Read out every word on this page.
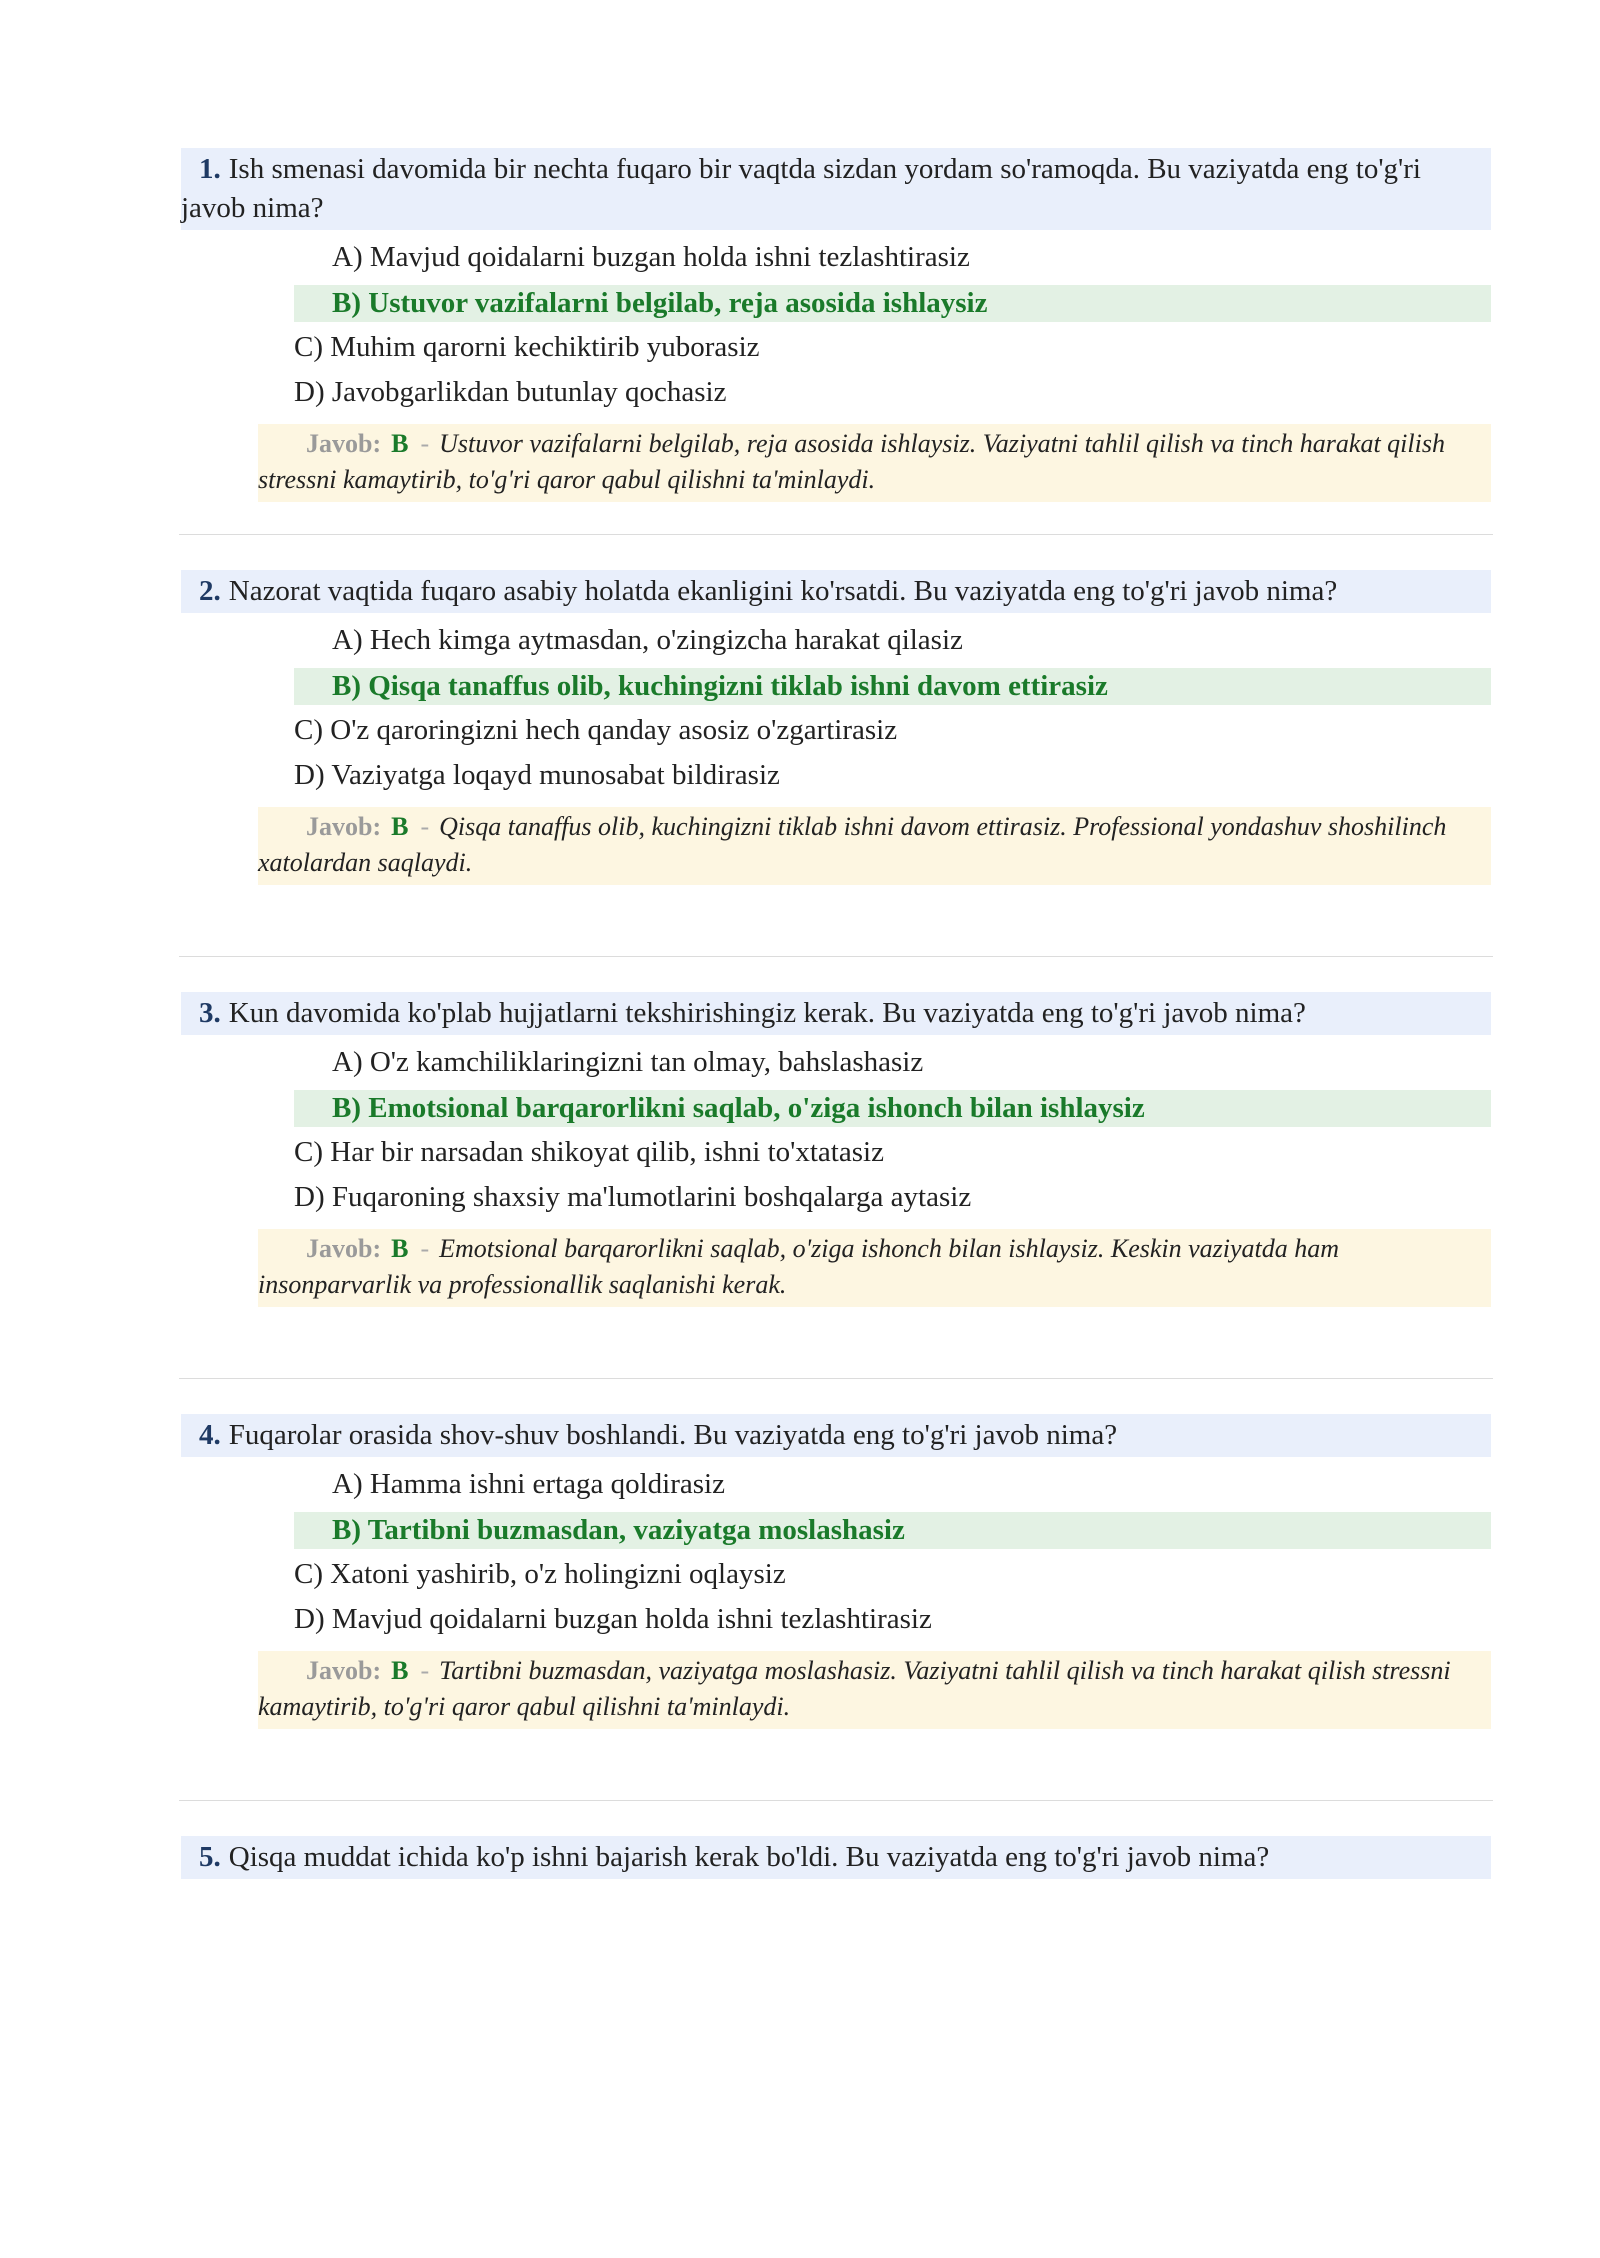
1. Ish smenasi davomida bir nechta fuqaro bir vaqtda sizdan yordam so'ramoqda. Bu vaziyatda eng to'g'ri javob nima?
A) Mavjud qoidalarni buzgan holda ishni tezlashtirasiz
B) Ustuvor vazifalarni belgilab, reja asosida ishlaysiz
C) Muhim qarorni kechiktirib yuborasiz
D) Javobgarlikdan butunlay qochasiz
Javob: B - Ustuvor vazifalarni belgilab, reja asosida ishlaysiz. Vaziyatni tahlil qilish va tinch harakat qilish stressni kamaytirib, to'g'ri qaror qabul qilishni ta'minlaydi.
2. Nazorat vaqtida fuqaro asabiy holatda ekanligini ko'rsatdi. Bu vaziyatda eng to'g'ri javob nima?
A) Hech kimga aytmasdan, o'zingizcha harakat qilasiz
B) Qisqa tanaffus olib, kuchingizni tiklab ishni davom ettirasiz
C) O'z qaroringizni hech qanday asosiz o'zgartirasiz
D) Vaziyatga loqayd munosabat bildirasiz
Javob: B - Qisqa tanaffus olib, kuchingizni tiklab ishni davom ettirasiz. Professional yondashuv shoshilinch xatolardan saqlaydi.
3. Kun davomida ko'plab hujjatlarni tekshirishingiz kerak. Bu vaziyatda eng to'g'ri javob nima?
A) O'z kamchiliklaringizni tan olmay, bahslashasiz
B) Emotsional barqarorlikni saqlab, o'ziga ishonch bilan ishlaysiz
C) Har bir narsadan shikoyat qilib, ishni to'xtatasiz
D) Fuqaroning shaxsiy ma'lumotlarini boshqalarga aytasiz
Javob: B - Emotsional barqarorlikni saqlab, o'ziga ishonch bilan ishlaysiz. Keskin vaziyatda ham insonparvarlik va professionallik saqlanishi kerak.
4. Fuqarolar orasida shov-shuv boshlandi. Bu vaziyatda eng to'g'ri javob nima?
A) Hamma ishni ertaga qoldirasiz
B) Tartibni buzmasdan, vaziyatga moslashasiz
C) Xatoni yashirib, o'z holingizni oqlaysiz
D) Mavjud qoidalarni buzgan holda ishni tezlashtirasiz
Javob: B - Tartibni buzmasdan, vaziyatga moslashasiz. Vaziyatni tahlil qilish va tinch harakat qilish stressni kamaytirib, to'g'ri qaror qabul qilishni ta'minlaydi.
5. Qisqa muddat ichida ko'p ishni bajarish kerak bo'ldi. Bu vaziyatda eng to'g'ri javob nima?
